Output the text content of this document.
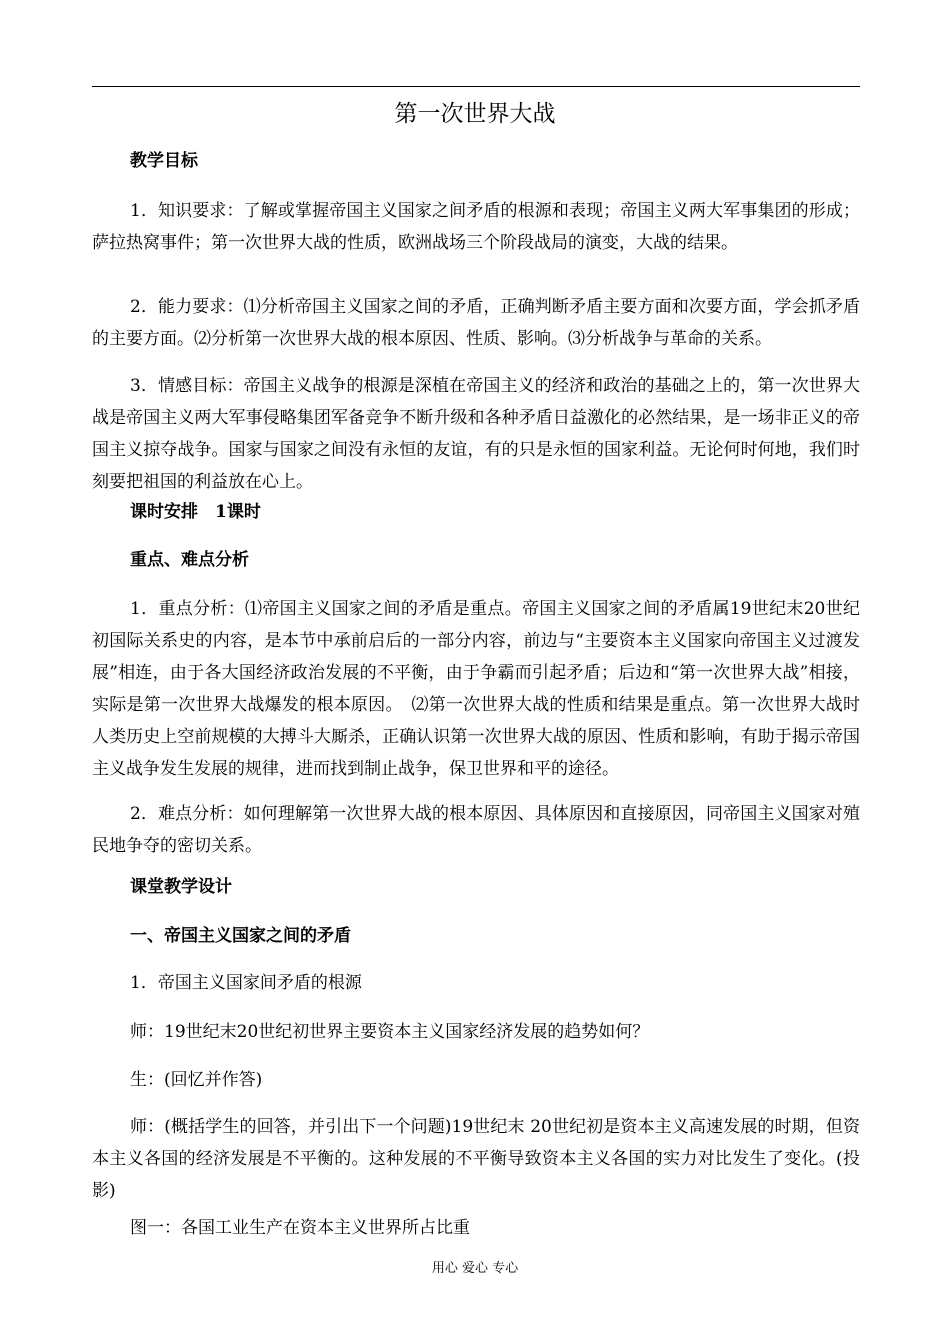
第一次世界大战

教学目标

1．知识要求：了解或掌握帝国主义国家之间矛盾的根源和表现；帝国主义两大军事集团的形成；萨拉热窝事件；第一次世界大战的性质，欧洲战场三个阶段战局的演变，大战的结果。

2．能力要求：⑴分析帝国主义国家之间的矛盾，正确判断矛盾主要方面和次要方面，学会抓矛盾的主要方面。⑵分析第一次世界大战的根本原因、性质、影响。⑶分析战争与革命的关系。

3．情感目标：帝国主义战争的根源是深植在帝国主义的经济和政治的基础之上的，第一次世界大战是帝国主义两大军事侵略集团军备竞争不断升级和各种矛盾日益激化的必然结果，是一场非正义的帝国主义掠夺战争。国家与国家之间没有永恒的友谊，有的只是永恒的国家利益。无论何时何地，我们时刻要把祖国的利益放在心上。

课时安排　1课时

重点、难点分析

1．重点分析：⑴帝国主义国家之间的矛盾是重点。帝国主义国家之间的矛盾属19世纪末20世纪初国际关系史的内容，是本节中承前启后的一部分内容，前边与“主要资本主义国家向帝国主义过渡发展”相连，由于各大国经济政治发展的不平衡，由于争霸而引起矛盾；后边和“第一次世界大战”相接，实际是第一次世界大战爆发的根本原因。　⑵第一次世界大战的性质和结果是重点。第一次世界大战时人类历史上空前规模的大搏斗大厮杀，正确认识第一次世界大战的原因、性质和影响，有助于揭示帝国主义战争发生发展的规律，进而找到制止战争，保卫世界和平的途径。

2．难点分析：如何理解第一次世界大战的根本原因、具体原因和直接原因，同帝国主义国家对殖民地争夺的密切关系。

课堂教学设计

一、帝国主义国家之间的矛盾

1．帝国主义国家间矛盾的根源

师：19世纪末20世纪初世界主要资本主义国家经济发展的趋势如何？

生：(回忆并作答)

师：(概括学生的回答，并引出下一个问题)19世纪末 20世纪初是资本主义高速发展的时期，但资本主义各国的经济发展是不平衡的。这种发展的不平衡导致资本主义各国的实力对比发生了变化。(投影)

图一：各国工业生产在资本主义世界所占比重

用心 爱心 专心
